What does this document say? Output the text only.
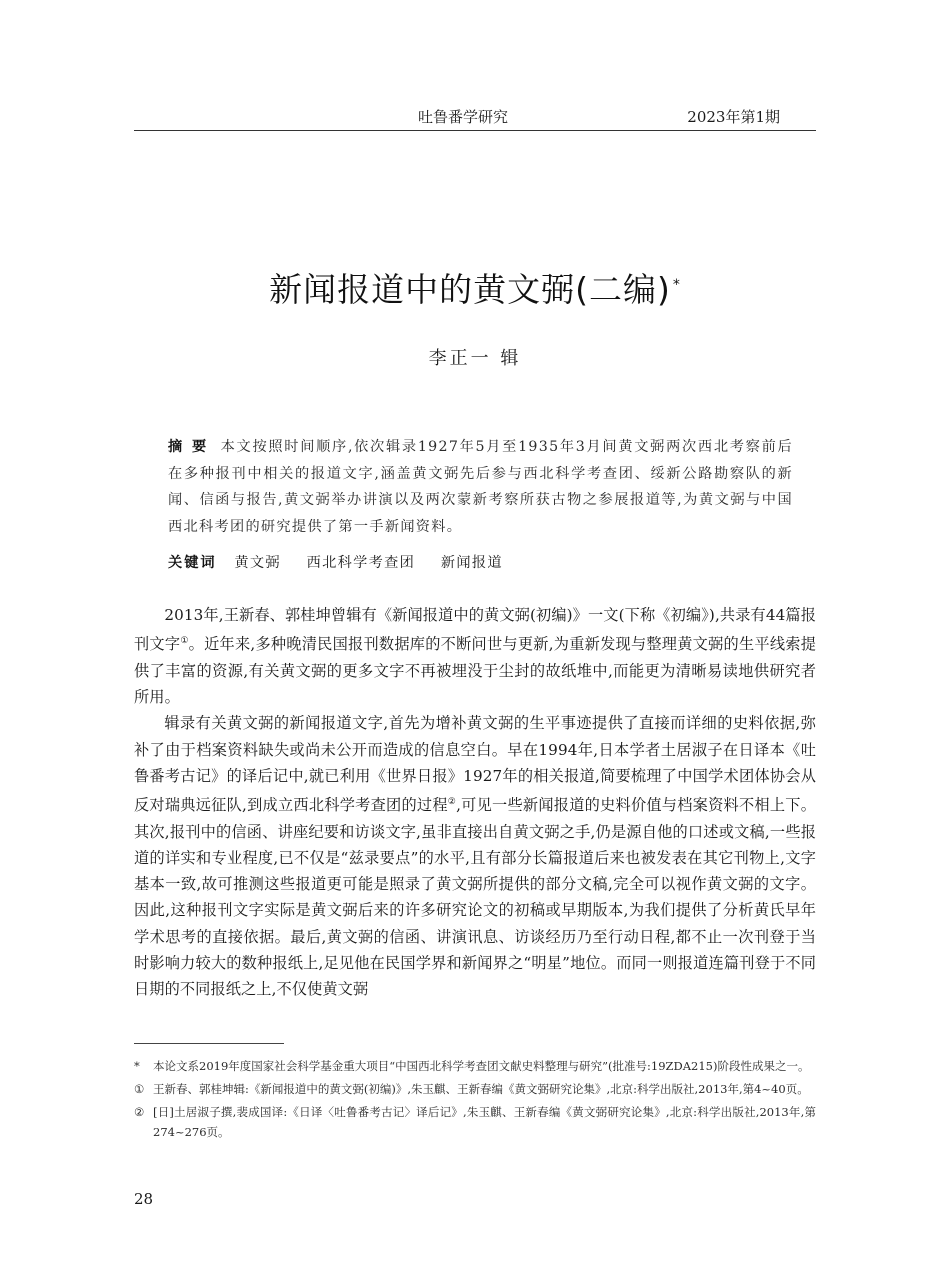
吐鲁番学研究	2023年第1期
新闻报道中的黄文弼(二编) *
李正一 辑
摘 要 本文按照时间顺序,依次辑录1927年5月至1935年3月间黄文弼两次西北考察前后在多种报刊中相关的报道文字,涵盖黄文弼先后参与西北科学考查团、绥新公路勘察队的新闻、信函与报告,黄文弼举办讲演以及两次蒙新考察所获古物之参展报道等,为黄文弼与中国西北科考团的研究提供了第一手新闻资料。
关键词 黄文弼 西北科学考查团 新闻报道

2013年,王新春、郭桂坤曾辑有《新闻报道中的黄文弼(初编)》一文(下称《初编》),共录有44篇报刊文字①。近年来,多种晚清民国报刊数据库的不断问世与更新,为重新发现与整理黄文弼的生平线索提供了丰富的资源,有关黄文弼的更多文字不再被埋没于尘封的故纸堆中,而能更为清晰易读地供研究者所用。

辑录有关黄文弼的新闻报道文字,首先为增补黄文弼的生平事迹提供了直接而详细的史料依据,弥补了由于档案资料缺失或尚未公开而造成的信息空白。早在1994年,日本学者土居淑子在日译本《吐鲁番考古记》的译后记中,就已利用《世界日报》1927年的相关报道,简要梳理了中国学术团体协会从反对瑞典远征队,到成立西北科学考查团的过程②,可见一些新闻报道的史料价值与档案资料不相上下。其次,报刊中的信函、讲座纪要和访谈文字,虽非直接出自黄文弼之手,仍是源自他的口述或文稿,一些报道的详实和专业程度,已不仅是“兹录要点”的水平,且有部分长篇报道后来也被发表在其它刊物上,文字基本一致,故可推测这些报道更可能是照录了黄文弼所提供的部分文稿,完全可以视作黄文弼的文字。因此,这种报刊文字实际是黄文弼后来的许多研究论文的初稿或早期版本,为我们提供了分析黄氏早年学术思考的直接依据。最后,黄文弼的信函、讲演讯息、访谈经历乃至行动日程,都不止一次刊登于当时影响力较大的数种报纸上,足见他在民国学界和新闻界之“明星”地位。而同一则报道连篇刊登于不同日期的不同报纸之上,不仅使黄文弼

* 本论文系2019年度国家社会科学基金重大项目“中国西北科学考查团文献史料整理与研究”(批准号:19ZDA215)阶段性成果之一。

① 王新春、郭桂坤辑:《新闻报道中的黄文弼(初编)》,朱玉麒、王新春编《黄文弼研究论集》,北京:科学出版社,2013年,第4~40页。

② [日]土居淑子撰,裴成国译:《日译〈吐鲁番考古记〉译后记》,朱玉麒、王新春编《黄文弼研究论集》,北京:科学出版社,2013年,第274~276页。

28
